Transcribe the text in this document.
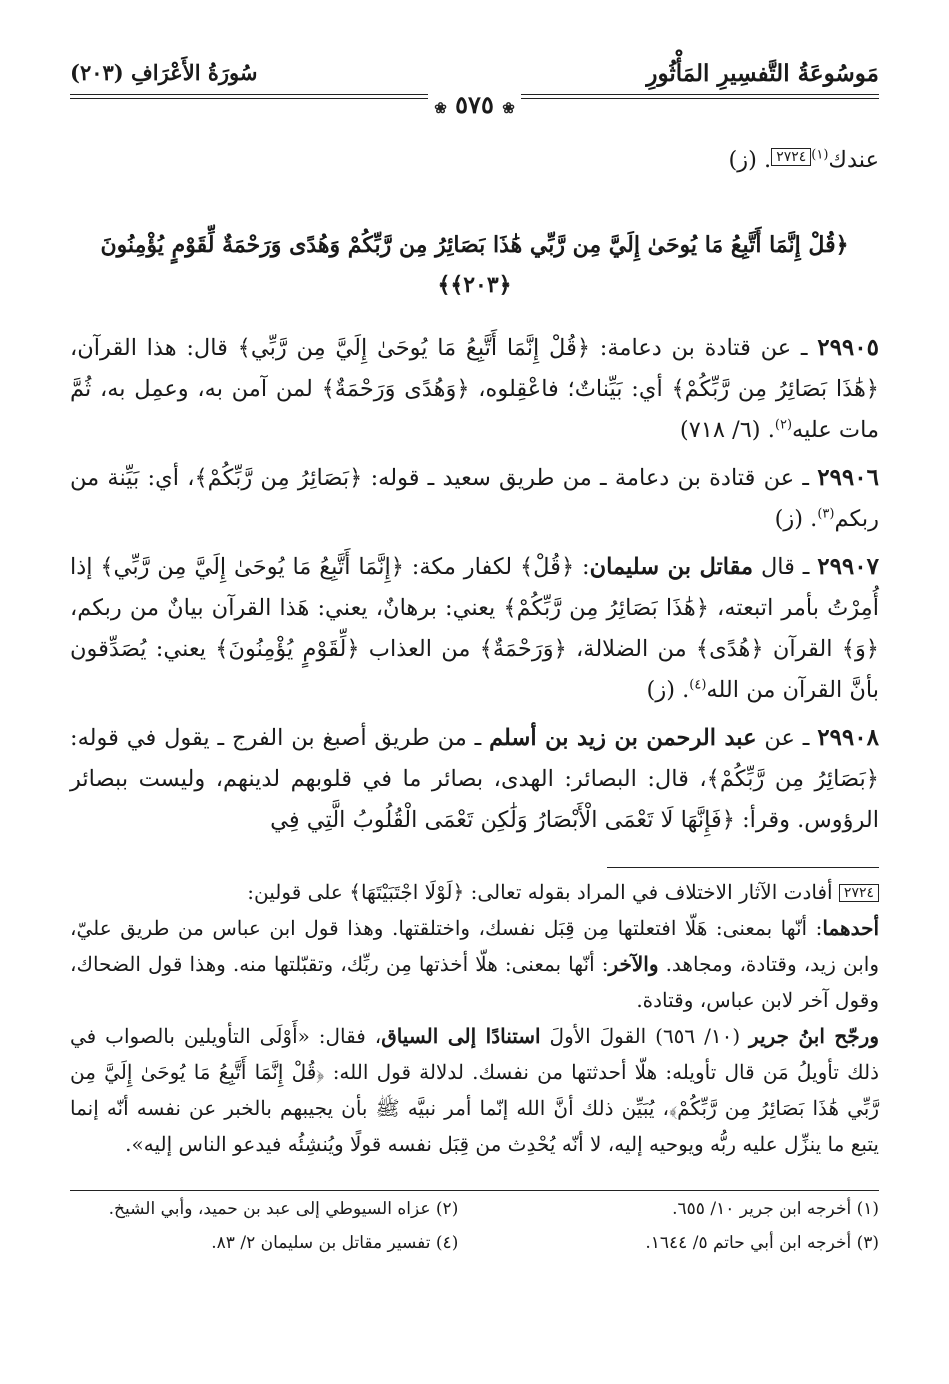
مَوسُوعَةُ التَّفسِيرِ المَأْثُورِ
سُورَةُ الأَعْرَافِ (٢٠٣)
❀ ٥٧٥ ❀

عندك$^{(١)}$٢٧٢٤. (ز)

﴿قُلْ إِنَّمَا أَتَّبِعُ مَا يُوحَىٰ إِلَيَّ مِن رَّبِّي هَٰذَا بَصَائِرُ مِن رَّبِّكُمْ وَهُدًى وَرَحْمَةٌ لِّقَوْمٍ يُؤْمِنُونَ ﴿٢٠٣﴾﴾

٢٩٩٠٥ ـ عن قتادة بن دعامة: ﴿قُلْ إِنَّمَا أَتَّبِعُ مَا يُوحَىٰ إِلَيَّ مِن رَّبِّي﴾ قال: هذا القرآن، ﴿هَٰذَا بَصَائِرُ مِن رَّبِّكُمْ﴾ أي: بَيِّناتٌ؛ فاعْقِلوه، ﴿وَهُدًى وَرَحْمَةٌ﴾ لمن آمن به، وعمِل به، ثُمَّ مات عليه$^{(٢)}$. (٦/ ٧١٨)

٢٩٩٠٦ ـ عن قتادة بن دعامة ـ من طريق سعيد ـ قوله: ﴿بَصَائِرُ مِن رَّبِّكُمْ﴾، أي: بَيِّنة من ربكم$^{(٣)}$. (ز)

٢٩٩٠٧ ـ قال مقاتل بن سليمان: ﴿قُلْ﴾ لكفار مكة: ﴿إِنَّمَا أَتَّبِعُ مَا يُوحَىٰ إِلَيَّ مِن رَّبِّي﴾ إذا أُمِرْتُ بأمر اتبعته، ﴿هَٰذَا بَصَائِرُ مِن رَّبِّكُمْ﴾ يعني: برهانٌ، يعني: هَذا القرآن بيانٌ من ربكم، ﴿وَ﴾ القرآن ﴿هُدًى﴾ من الضلالة، ﴿وَرَحْمَةٌ﴾ من العذاب ﴿لِّقَوْمٍ يُؤْمِنُونَ﴾ يعني: يُصَدِّقون بأنَّ القرآن من الله$^{(٤)}$. (ز)

٢٩٩٠٨ ـ عن عبد الرحمن بن زيد بن أسلم ـ من طريق أصبغ بن الفرج ـ يقول في قوله: ﴿بَصَائِرُ مِن رَّبِّكُمْ﴾، قال: البصائر: الهدى، بصائر ما في قلوبهم لدينهم، وليست ببصائر الرؤوس. وقرأ: ﴿فَإِنَّهَا لَا تَعْمَى الْأَبْصَارُ وَلَٰكِن تَعْمَى الْقُلُوبُ الَّتِي فِي

٢٧٢٤ أفادت الآثار الاختلاف في المراد بقوله تعالى: ﴿لَوْلَا اجْتَبَيْتَهَا﴾ على قولين:

أحدهما: أنّها بمعنى: هَلّا افتعلتها مِن قِبَل نفسك، واختلقتها. وهذا قول ابن عباس من طريق عليّ، وابن زيد، وقتادة، ومجاهد. والآخر: أنّها بمعنى: هلّا أخذتها مِن ربِّك، وتقبّلتها منه. وهذا قول الضحاك، وقول آخر لابن عباس، وقتادة.

ورجّح ابنُ جرير (١٠/ ٦٥٦) القولَ الأولَ استنادًا إلى السياق، فقال: «أَوْلَى التأويلين بالصواب في ذلك تأويلُ مَن قال تأويله: هلّا أحدثتها من نفسك. لدلالة قول الله: ﴿قُلْ إِنَّمَا أَتَّبِعُ مَا يُوحَىٰ إِلَيَّ مِن رَّبِّي هَٰذَا بَصَائِرُ مِن رَّبِّكُمْ﴾، يُبَيِّن ذلك أنَّ الله إنّما أمر نبيَّه ﷺ بأن يجيبهم بالخبر عن نفسه أنّه إنما يتبع ما ينزِّل عليه ربُّه ويوحيه إليه، لا أنّه يُحْدِث من قِبَل نفسه قولًا ويُنشِئُه فيدعو الناس إليه».

(١) أخرجه ابن جرير ١٠/ ٦٥٥.
(٢) عزاه السيوطي إلى عبد بن حميد، وأبي الشيخ.
(٣) أخرجه ابن أبي حاتم ٥/ ١٦٤٤.
(٤) تفسير مقاتل بن سليمان ٢/ ٨٣.
